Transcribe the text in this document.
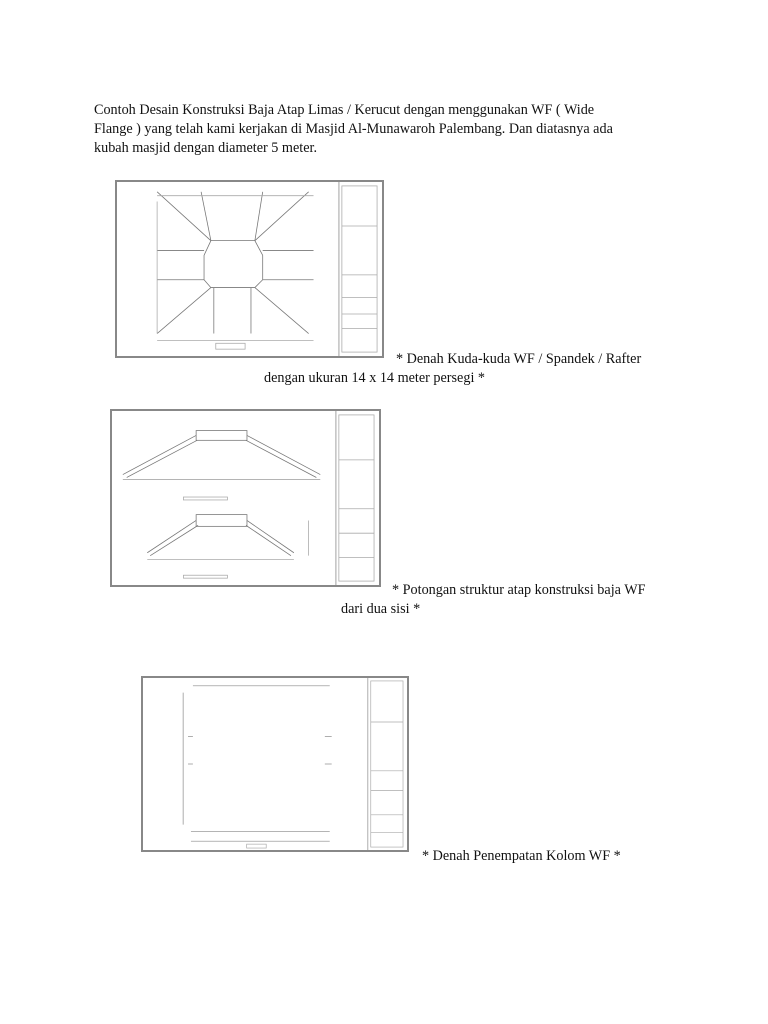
Contoh Desain Konstruksi Baja Atap Limas / Kerucut dengan menggunakan WF ( Wide
Flange ) yang telah kami kerjakan di Masjid Al-Munawaroh Palembang. Dan diatasnya ada
kubah masjid dengan diameter 5 meter.
* Denah Kuda-kuda WF / Spandek / Rafter
dengan ukuran 14 x 14 meter persegi *
* Potongan struktur atap konstruksi baja WF
dari dua sisi *
* Denah Penempatan Kolom WF *
